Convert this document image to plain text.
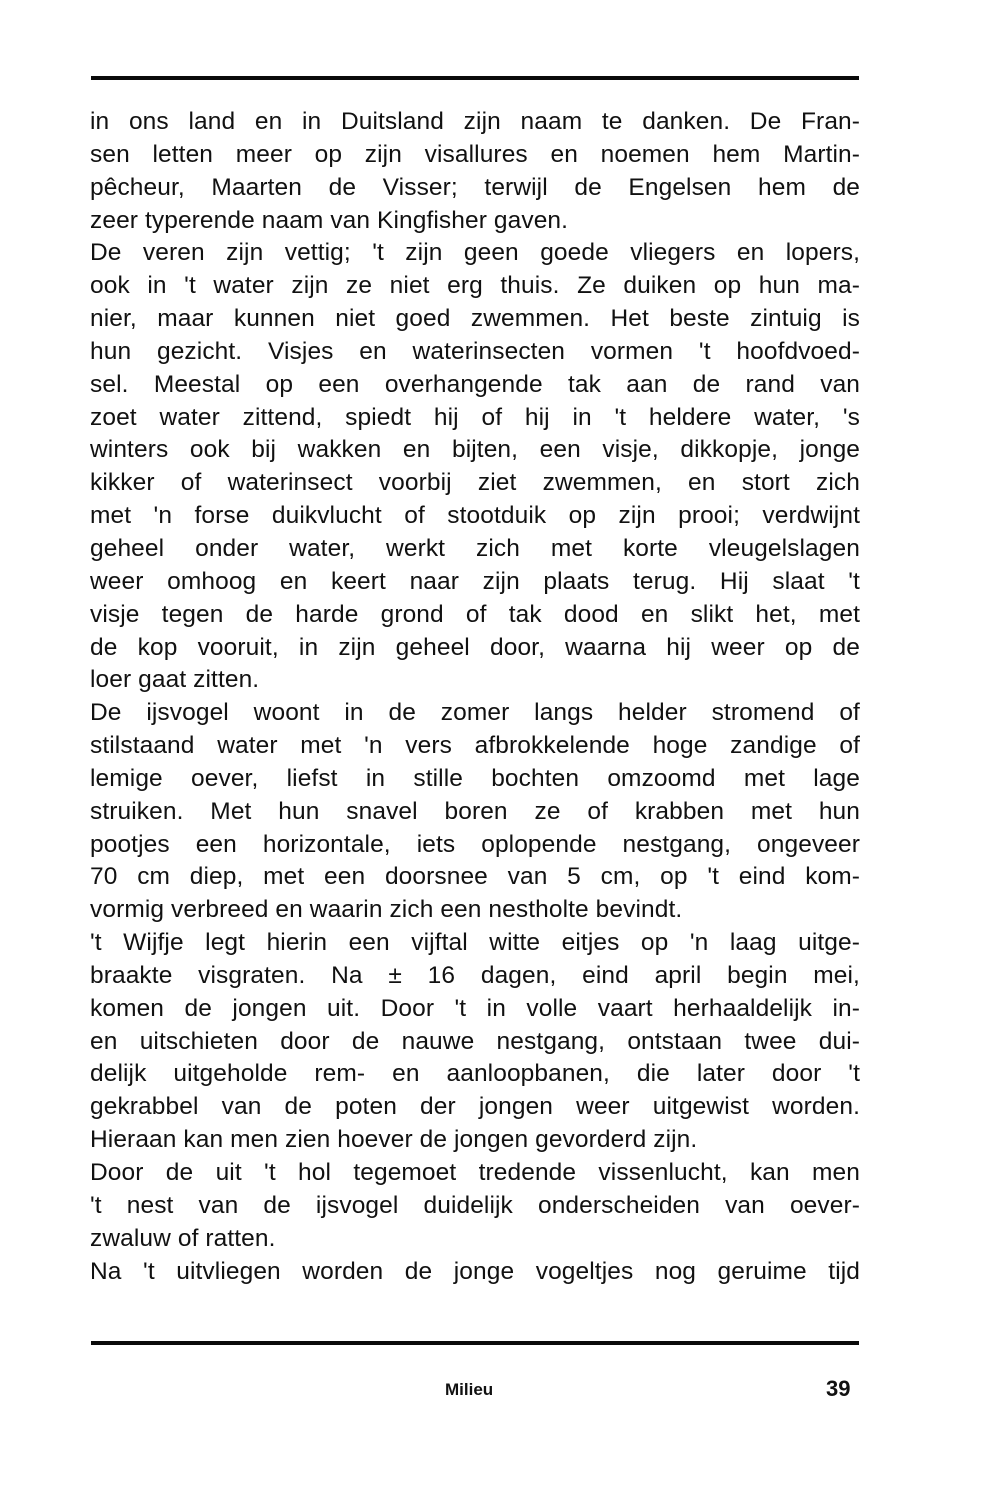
in ons land en in Duitsland zijn naam te danken. De Fran-
sen letten meer op zijn visallures en noemen hem Martin-
pêcheur, Maarten de Visser; terwijl de Engelsen hem de
zeer typerende naam van Kingfisher gaven.
De veren zijn vettig; 't zijn geen goede vliegers en lopers,
ook in 't water zijn ze niet erg thuis. Ze duiken op hun ma-
nier, maar kunnen niet goed zwemmen. Het beste zintuig is
hun gezicht. Visjes en waterinsecten vormen 't hoofdvoed-
sel. Meestal op een overhangende tak aan de rand van
zoet water zittend, spiedt hij of hij in 't heldere water, 's
winters ook bij wakken en bijten, een visje, dikkopje, jonge
kikker of waterinsect voorbij ziet zwemmen, en stort zich
met 'n forse duikvlucht of stootduik op zijn prooi; verdwijnt
geheel onder water, werkt zich met korte vleugelslagen
weer omhoog en keert naar zijn plaats terug. Hij slaat 't
visje tegen de harde grond of tak dood en slikt het, met
de kop vooruit, in zijn geheel door, waarna hij weer op de
loer gaat zitten.
De ijsvogel woont in de zomer langs helder stromend of
stilstaand water met 'n vers afbrokkelende hoge zandige of
lemige oever, liefst in stille bochten omzoomd met lage
struiken. Met hun snavel boren ze of krabben met hun
pootjes een horizontale, iets oplopende nestgang, ongeveer
70 cm diep, met een doorsnee van 5 cm, op 't eind kom-
vormig verbreed en waarin zich een nestholte bevindt.
't Wijfje legt hierin een vijftal witte eitjes op 'n laag uitge-
braakte visgraten. Na ± 16 dagen, eind april begin mei,
komen de jongen uit. Door 't in volle vaart herhaaldelijk in-
en uitschieten door de nauwe nestgang, ontstaan twee dui-
delijk uitgeholde rem- en aanloopbanen, die later door 't
gekrabbel van de poten der jongen weer uitgewist worden.
Hieraan kan men zien hoever de jongen gevorderd zijn.
Door de uit 't hol tegemoet tredende vissenlucht, kan men
't nest van de ijsvogel duidelijk onderscheiden van oever-
zwaluw of ratten.
Na 't uitvliegen worden de jonge vogeltjes nog geruime tijd
Milieu	39
